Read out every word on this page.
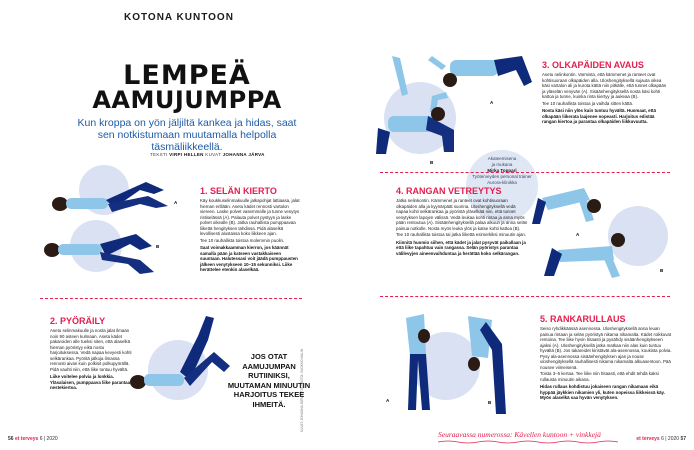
KOTONA KUNTOON
LEMPEÄ
AAMUJUMPPA
Kun kroppa on yön jäljiltä kankea ja hidas, saat sen notkistumaan muutamalla helpolla täsmäliikkeellä.
TEKSTI VIRPI HELLEN KUVAT JOHANNA JÄRVA
A
B
1. SELÄN KIERTO

Käy koukkuselinmakuulle jalkapohjat lattiaasa, jalat hieman erillään. Asetu kädet rennosti vartalon viereen. Laske polvet vasemmalle ja tunne venytys ristiselässä (A). Palauta polvet pystyyn ja laske polvet oikealle (B). Jatka rauhallista pumppaavaa liikettä hengityksen tahdissa. Pidä alaselkä levollisesti alustassa koko liikkeen ajan.

Tee 10 rauhallista toistoa molemmin puolin.

Saat voimakkaamman kierron, jos käännät samalla pään ja katseen vastakkaiseen suuntaan. Halutessasi voit jäädä pumppausten jälkeen venytykseen 10–15 sekunniksi. Liike herättelee etenkin alaselkää.

2. PYÖRÄILY

Asetu selinmakuulle ja nosta jalat ilmaan noin 90 asteen kulmaan. Aseta kädet pakaroiden alle tueksi siten, että alaselkä hieman pyöristyy eikä nostu harjoituksessa. Vedä napaa kevyesti kohti selkärankaa. Pyöritä jalkoja ilmassa rennosti aivan kuin polkisit polkupyörällä. Pidä vauhti niin, että liike tuntuu hyvältä.

Liike voitelee polvia ja lonkkia. Yläsalaisen, pumppaava liike parantaa nestekiertoa.

JOS OTAT AAMUJUMPAN RUTIINIKSI, MUUTAMAN MINUUTIN HARJOITUS TEKEE IHMEITÄ.	KUVAT: JOHANNA JÄRVA | TUOTANTO: VUOKKO MALIN
56 et terveys 6 | 2020
A
B
3. OLKAPÄIDEN AVAUS

Asetu nelinkontin. Varmista, että kämmenet ja ranteet ovat kohtisuoraan olkapäiden alla. Uloshengityksellä sujauta oikea käsi vartalon ali ja kurota kättä niin pitkälle, että tunnet olkapään ja yläselän venyvän (A). Sisäänhengityksellä nosta käsi kohti kattoa ja tunne, kuinka rinta kiertyy ja aukeaa (B).

Tee 10 rauhallista toistoa ja vaihda sitten kättä.

Nosta käsi niin ylös kuin tuntuu hyvältä. Huomaat, että olkapään liikerata laajenee nopeasti. Harjoitus edistää rangan kiertoa ja parantaa olkapäiden liikkuvuutta.

Akateemisena

ja mukana

Mirka Toppari

Työterveyden personal trainer Aurora-klinikka

4. RANGAN VETREYTYS

Jatka nelinkontin. Kämmenet ja ranteet ovat kohtisuoraan olkapäiden alla ja kyynärpäät suorina. Uloshengityksellä vedä napaa kohti selkärankaa ja pyöristä yläselkää niin, että tunnet venytyksen lapojen välissä. Vedä leukaa kohti rintaa ja anna myös pään rentoutua (A). Sisäänhengityksellä palaa alkuun ja anna selän painua notkolle. Nosta myös leuka ylös ja katse kohti kattoa (B).

Tee 10 rauhallista toistoa tai jatka liikettä esimerkiksi minuutin ajan.

Kiinnitä huomio siihen, että kädet ja jalat pysyvät paikallaan ja että liike tapahtuu vain rangassa. Selän pyöristys parantaa välilevyjen aineenvaihduntaa ja herättää koko selkärangan.

A
B
A	B
5. RANKARULLAUS

Seiso ryhdikkäässä asennossa. Uloshengityksellä anna leuan painua rintaan ja selän pyöristyä nikama nikamalta. Kädet roikkuvat rentoina. Tee liike hyvin hitaasti ja pysähdy sisäänhengitykseen ajaksi (A). Uloshengityksellä jatka matkaa niin alas kuin tuntuu hyvältä (B). Jos takareidet kiristävät ala-asennossa, koukista polvia. Pysy ala-asennossa sisäänhengityksen ajan ja nouse uloshengityksellä rauhallisesti nikama nikamalta alkuasentoon. Pää nousee viimeisenä.

Toista 3–5 kertaa. Tee liike niin hitaasti, että ehdit tehdä kaksi rullausta minuutin aikana.

Hidas rullaus kohdistuu jokaiseen rangan nikamaan eikä hyppää jäykkien nikamien yli, kuten nopeissa liikkeissä käy. Myös alaselkä saa hyvän venytyksen.

Seuraavassa numerossa: Kävellen kuntoon + vinkkejä	et terveys 6 | 2020 57
